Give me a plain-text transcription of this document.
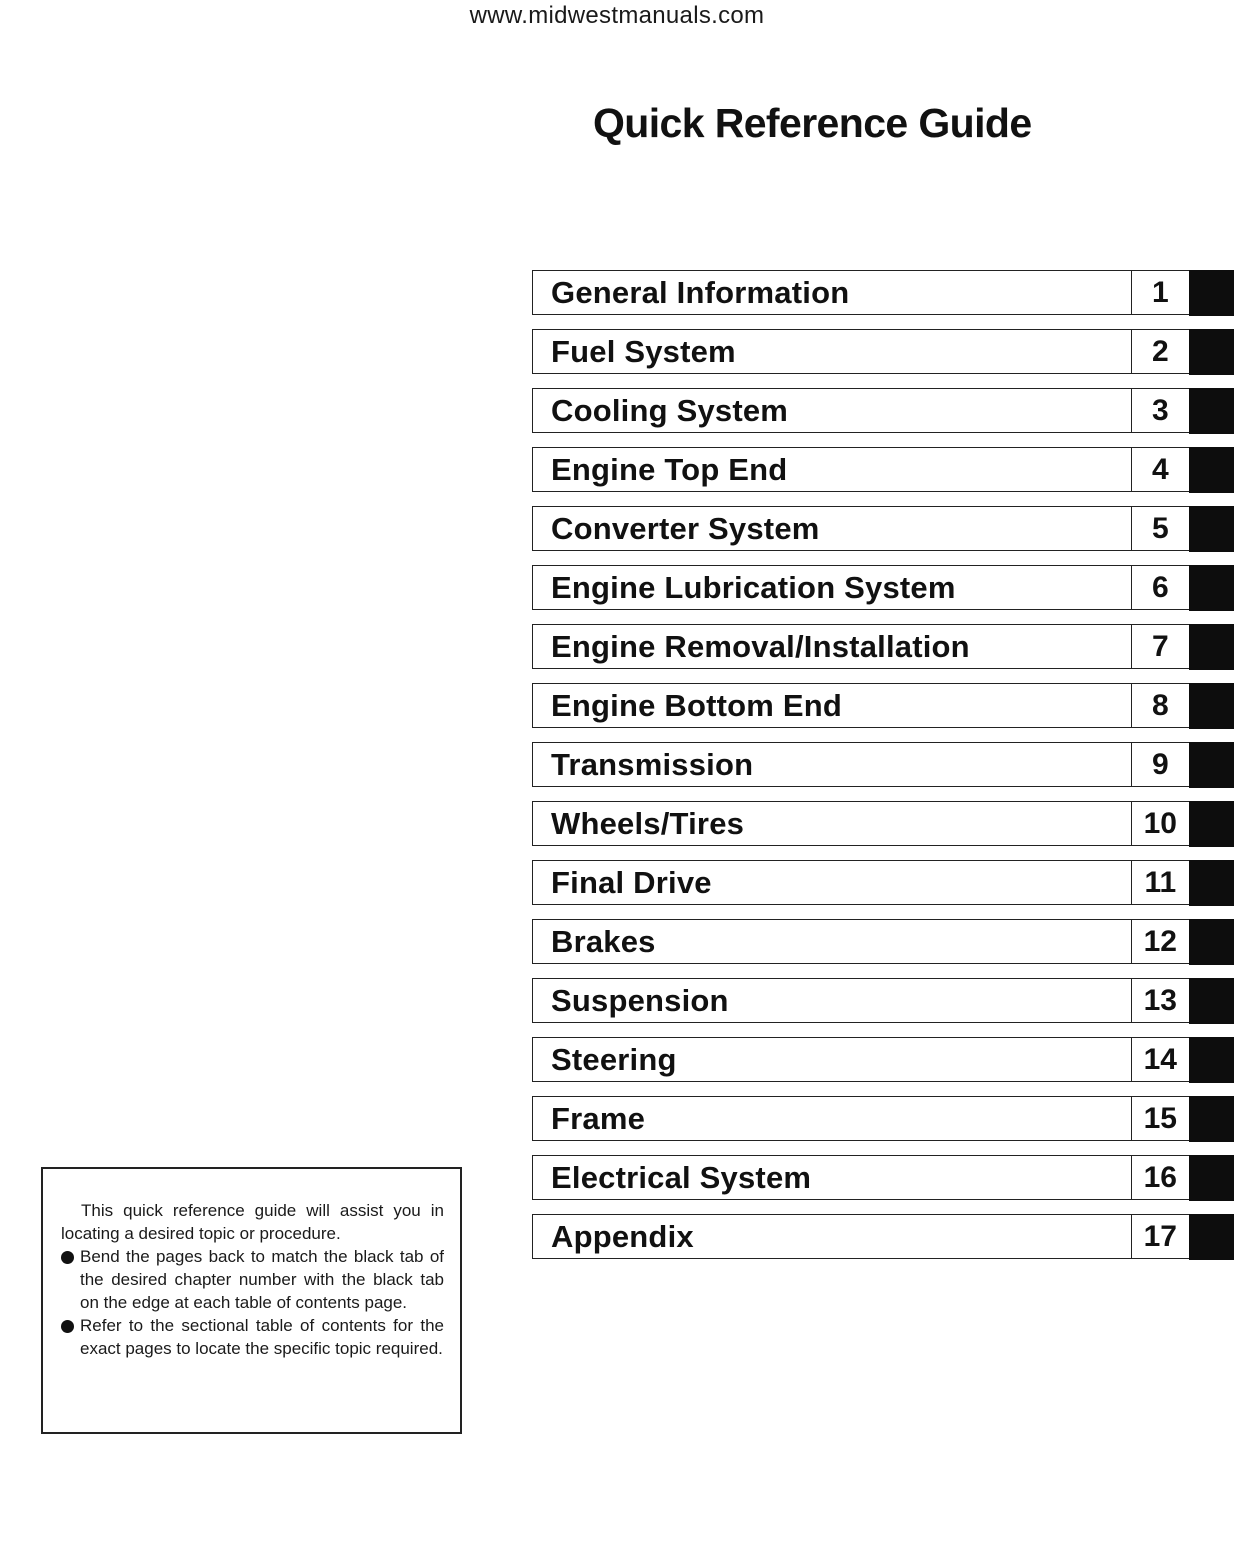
www.midwestmanuals.com
Quick Reference Guide
General Information	1
Fuel System	2
Cooling System	3
Engine Top End	4
Converter System	5
Engine Lubrication System	6
Engine Removal/Installation	7
Engine Bottom End	8
Transmission	9
Wheels/Tires	10
Final Drive	11
Brakes	12
Suspension	13
Steering	14
Frame	15
Electrical System	16
Appendix	17

This quick reference guide will assist you in locating a desired topic or procedure.

Bend the pages back to match the black tab of the desired chapter number with the black tab on the edge at each table of contents page.

Refer to the sectional table of contents for the exact pages to locate the specific topic required.
